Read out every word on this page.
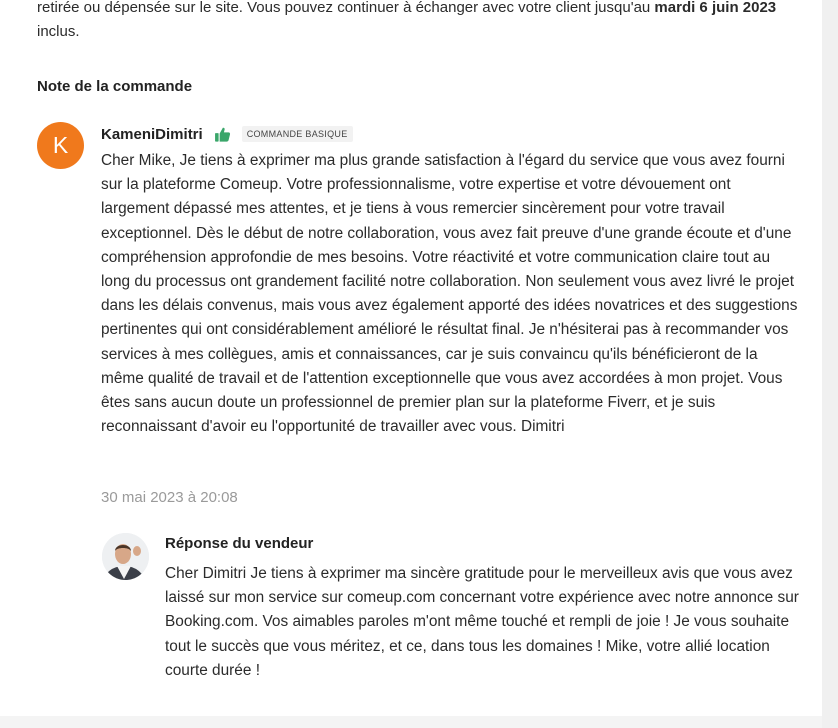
retirée ou dépensée sur le site. Vous pouvez continuer à échanger avec votre client jusqu'au mardi 6 juin 2023 inclus.
Note de la commande
K	KameniDimitri	COMMANDE BASIQUE
Cher Mike, Je tiens à exprimer ma plus grande satisfaction à l'égard du service que vous avez fourni sur la plateforme Comeup. Votre professionnalisme, votre expertise et votre dévouement ont largement dépassé mes attentes, et je tiens à vous remercier sincèrement pour votre travail exceptionnel. Dès le début de notre collaboration, vous avez fait preuve d'une grande écoute et d'une compréhension approfondie de mes besoins. Votre réactivité et votre communication claire tout au long du processus ont grandement facilité notre collaboration. Non seulement vous avez livré le projet dans les délais convenus, mais vous avez également apporté des idées novatrices et des suggestions pertinentes qui ont considérablement amélioré le résultat final. Je n'hésiterai pas à recommander vos services à mes collègues, amis et connaissances, car je suis convaincu qu'ils bénéficieront de la même qualité de travail et de l'attention exceptionnelle que vous avez accordées à mon projet. Vous êtes sans aucun doute un professionnel de premier plan sur la plateforme Fiverr, et je suis reconnaissant d'avoir eu l'opportunité de travailler avec vous. Dimitri
30 mai 2023 à 20:08
Réponse du vendeur
Cher Dimitri Je tiens à exprimer ma sincère gratitude pour le merveilleux avis que vous avez laissé sur mon service sur comeup.com concernant votre expérience avec notre annonce sur Booking.com. Vos aimables paroles m'ont même touché et rempli de joie ! Je vous souhaite tout le succès que vous méritez, et ce, dans tous les domaines ! Mike, votre allié location courte durée !
